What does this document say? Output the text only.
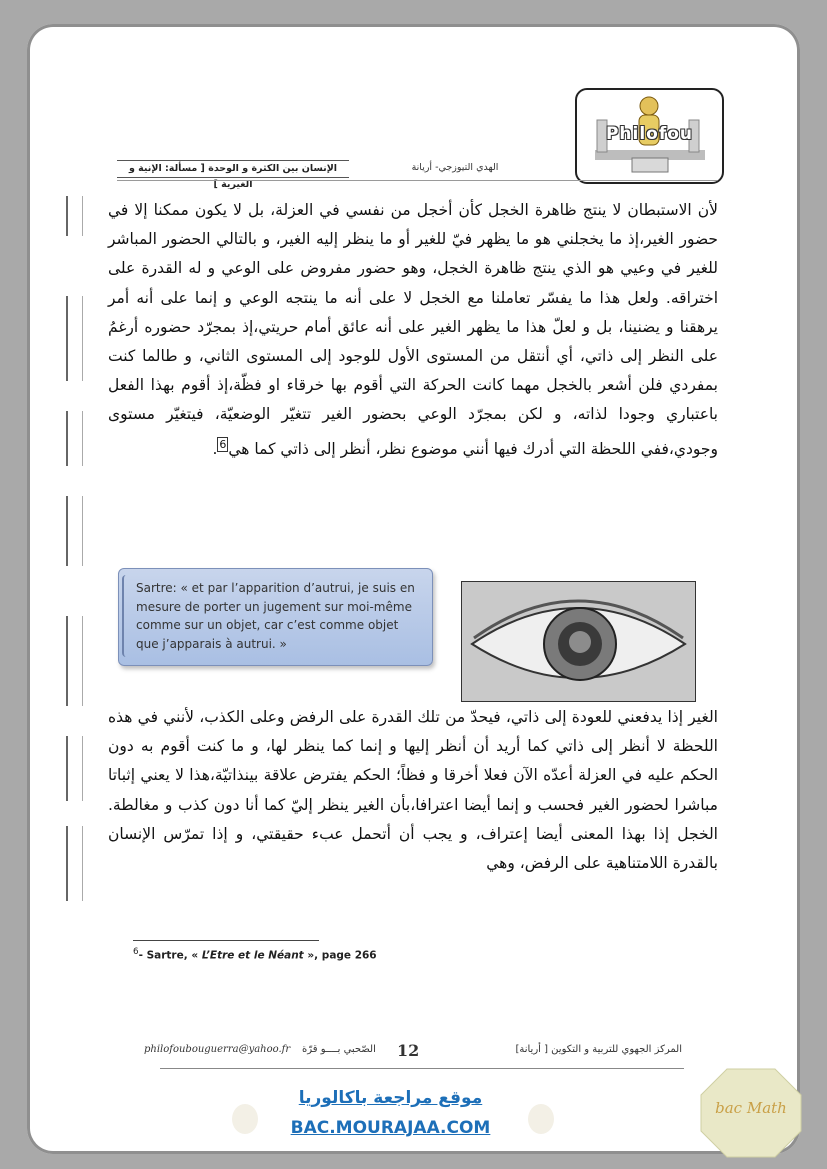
Philofou
الإنسان بين الكثرة و الوحدة [ مسألة: الإنية و الغيرية ]
الهدي التيوزجي- أريانة
لأن الاستبطان لا ينتج ظاهرة الخجل كأن أخجل من نفسي في العزلة، بل لا يكون ممكنا إلا في حضور الغير،إذ ما يخجلني هو ما يظهر فيّ للغير أو ما ينظر إليه الغير، و بالتالي الحضور المباشر للغير في وعيي هو الذي ينتج ظاهرة الخجل، وهو حضور مفروض على الوعي و له القدرة على اختراقه. ولعل هذا ما يفسّر تعاملنا مع الخجل لا على أنه ما ينتجه الوعي و إنما على أنه أمر يرهقنا و يضنينا، بل و لعلّ هذا ما يظهر الغير على أنه عائق أمام حريتي،إذ بمجرّد حضوره أرغمُ على النظر إلى ذاتي، أي أنتقل من المستوى الأول للوجود إلى المستوى الثاني، و طالما كنت بمفردي فلن أشعر بالخجل مهما كانت الحركة التي أقوم بها خرقاء او فظّة،إذ أقوم بهذا الفعل باعتباري وجودا لذاته، و لكن بمجرّد الوعي بحضور الغير تتغيّر الوضعيّة، فيتغيّر مستوى وجودي،ففي اللحظة التي أدرك فيها أنني موضوع نظر، أنظر إلى ذاتي كما هي$^6$.
Sartre: « et par l’apparition d’autrui, je suis en mesure de porter un jugement sur moi-même comme sur un objet, car c’est comme objet que j’apparais à autrui. »
الغير إذا يدفعني للعودة إلى ذاتي، فيحدّ من تلك القدرة على الرفض وعلى الكذب، لأنني في هذه اللحظة لا أنظر إلى ذاتي كما أريد أن أنظر إليها و إنما كما ينظر لها، و ما كنت أقوم به دون الحكم عليه في العزلة أعدّه الآن فعلا أخرقا و فظاً؛ الحكم يفترض علاقة بينذاتيّة،هذا لا يعني إثباتا مباشرا لحضور الغير فحسب و إنما أيضا اعترافا،بأن الغير ينظر إليّ كما أنا دون كذب و مغالطة. الخجل إذا بهذا المعنى أيضا إعتراف، و يجب أن أتحمل عبء حقيقتي، و إذا تمرّس الإنسان بالقدرة اللامتناهية على الرفض، وهي
$^6$- Sartre, « L’Etre et le Néant », page 266
philofoubouguerra@yahoo.fr الصّحبي بــــو قرّة 12	المركز الجهوي للتربية و التكوين [ أريانة]
موقع مراجعة باكالوريا
BAC.MOURAJAA.COM
bac Math
